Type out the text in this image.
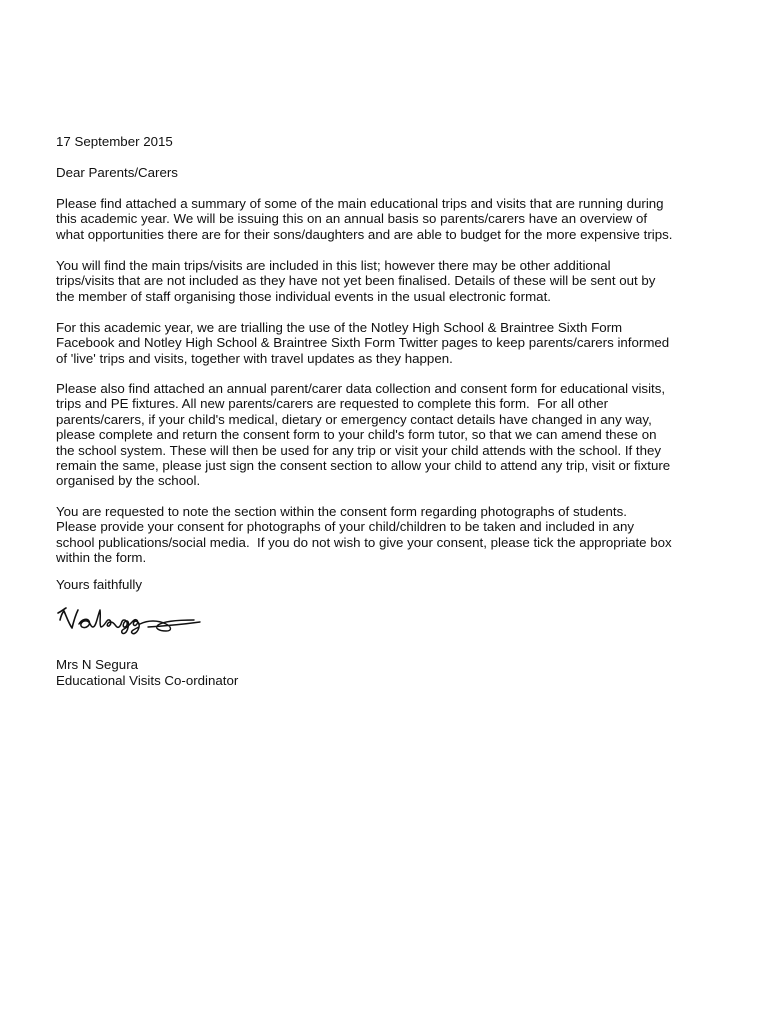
17 September 2015

Dear Parents/Carers

Please find attached a summary of some of the main educational trips and visits that are running during
this academic year. We will be issuing this on an annual basis so parents/carers have an overview of
what opportunities there are for their sons/daughters and are able to budget for the more expensive trips.

You will find the main trips/visits are included in this list; however there may be other additional
trips/visits that are not included as they have not yet been finalised. Details of these will be sent out by
the member of staff organising those individual events in the usual electronic format.

For this academic year, we are trialling the use of the Notley High School & Braintree Sixth Form
Facebook and Notley High School & Braintree Sixth Form Twitter pages to keep parents/carers informed
of 'live' trips and visits, together with travel updates as they happen.

Please also find attached an annual parent/carer data collection and consent form for educational visits,
trips and PE fixtures. All new parents/carers are requested to complete this form.  For all other
parents/carers, if your child's medical, dietary or emergency contact details have changed in any way,
please complete and return the consent form to your child's form tutor, so that we can amend these on
the school system. These will then be used for any trip or visit your child attends with the school. If they
remain the same, please just sign the consent section to allow your child to attend any trip, visit or fixture
organised by the school.

You are requested to note the section within the consent form regarding photographs of students.
Please provide your consent for photographs of your child/children to be taken and included in any
school publications/social media.  If you do not wish to give your consent, please tick the appropriate box
within the form.

Yours faithfully

Mrs N Segura

Educational Visits Co-ordinator
